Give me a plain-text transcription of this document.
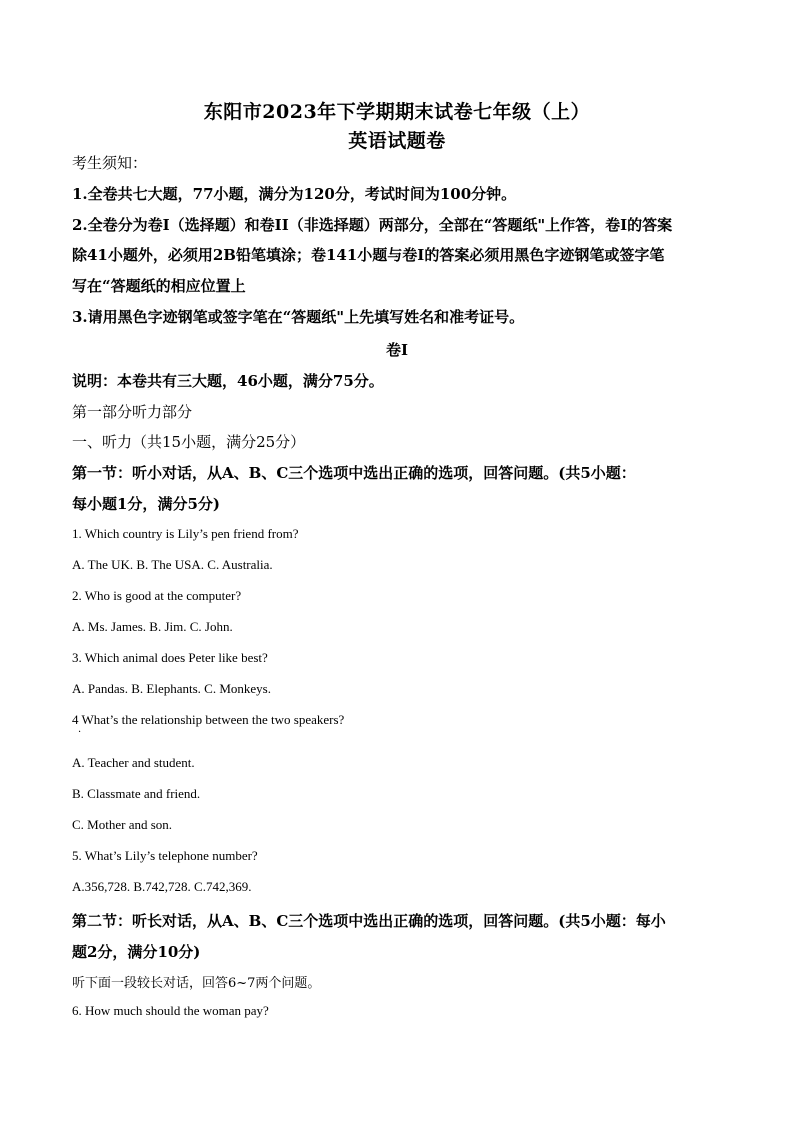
东阳市2023年下学期期末试卷七年级（上）
英语试题卷
考生须知：
1.全卷共七大题，77小题，满分为120分，考试时间为100分钟。
2.全卷分为卷I（选择题）和卷II（非选择题）两部分，全部在“答题纸"上作答，卷I的答案
除41小题外，必须用2B铅笔填涂；卷141小题与卷I的答案必须用黑色字迹钢笔或签字笔
写在“答题纸的相应位置上
3.请用黑色字迹钢笔或签字笔在“答题纸"上先填写姓名和准考证号。
卷I
说明：本卷共有三大题，46小题，满分75分。
第一部分听力部分
一、听力（共15小题，满分25分）
第一节：听小对话，从A、B、C三个选项中选出正确的选项，回答问题。(共5小题：
每小题1分，满分5分)
1. Which country is Lily’s pen friend from?
A. The UK. B. The USA. C. Australia.
2. Who is good at the computer?
A. Ms. James. B. Jim. C. John.
3. Which animal does Peter like best?
A. Pandas. B. Elephants. C. Monkeys.
4 What’s the relationship between the two speakers?
·
A. Teacher and student.
B. Classmate and friend.
C. Mother and son.
5. What’s Lily’s telephone number?
A.356,728. B.742,728. C.742,369.
第二节：听长对话，从A、B、C三个选项中选出正确的选项，回答问题。(共5小题：每小
题2分，满分10分)
听下面一段较长对话，回答6~7两个问题。
6. How much should the woman pay?
